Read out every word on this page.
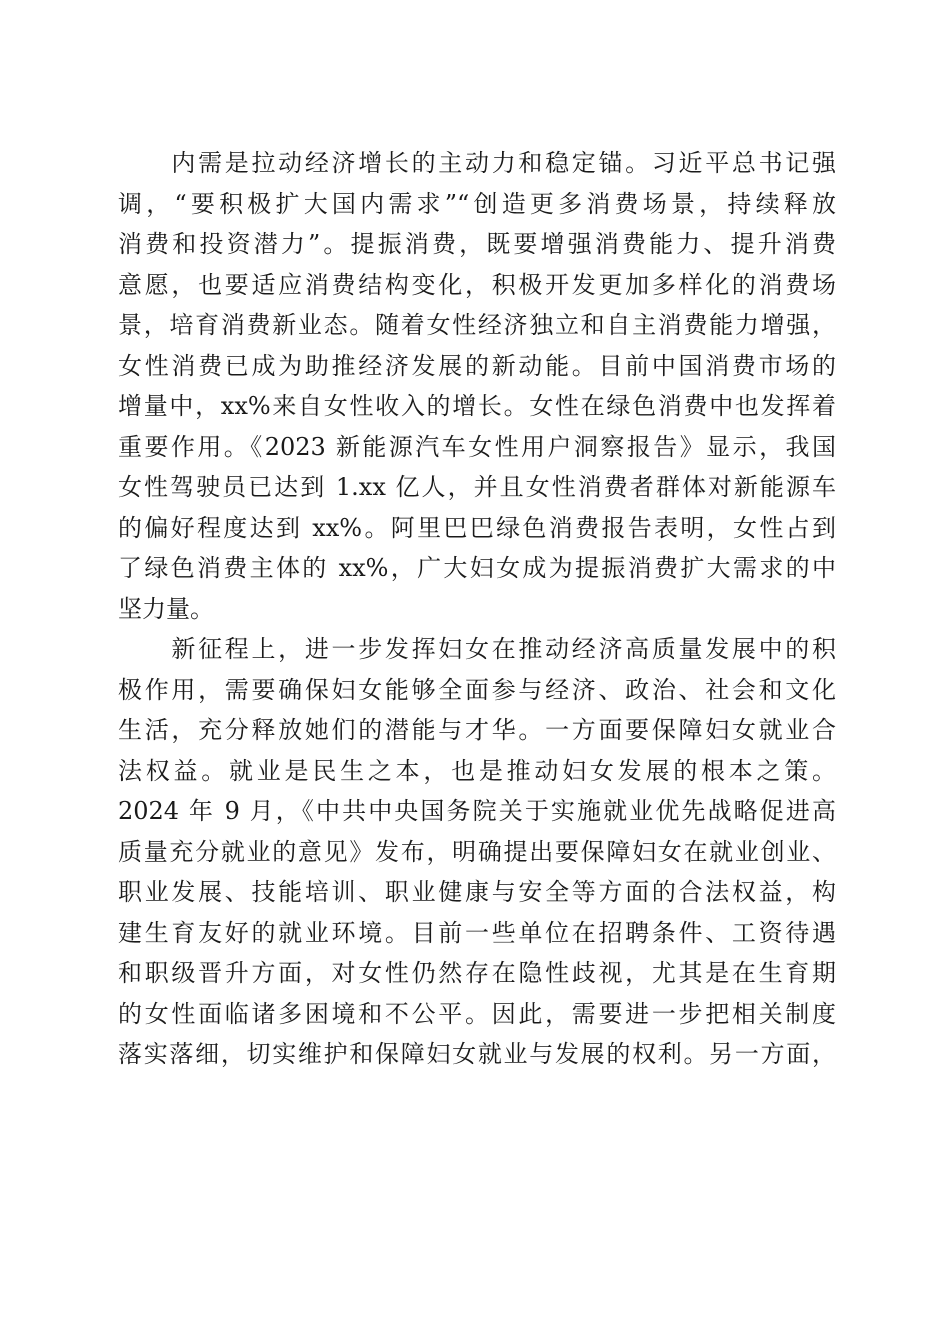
　　内需是拉动经济增长的主动力和稳定锚。习近平总书记强
调，“要积极扩大国内需求”“创造更多消费场景，持续释放
消费和投资潜力”。提振消费，既要增强消费能力、提升消费
意愿，也要适应消费结构变化，积极开发更加多样化的消费场
景，培育消费新业态。随着女性经济独立和自主消费能力增强，
女性消费已成为助推经济发展的新动能。目前中国消费市场的
增量中，xx%来自女性收入的增长。女性在绿色消费中也发挥着
重要作用。《2023 新能源汽车女性用户洞察报告》显示，我国
女性驾驶员已达到 1.xx 亿人，并且女性消费者群体对新能源车
的偏好程度达到 xx%。阿里巴巴绿色消费报告表明，女性占到
了绿色消费主体的 xx%，广大妇女成为提振消费扩大需求的中
坚力量。
　　新征程上，进一步发挥妇女在推动经济高质量发展中的积
极作用，需要确保妇女能够全面参与经济、政治、社会和文化
生活，充分释放她们的潜能与才华。一方面要保障妇女就业合
法权益。就业是民生之本，也是推动妇女发展的根本之策。
2024 年 9 月，《中共中央国务院关于实施就业优先战略促进高
质量充分就业的意见》发布，明确提出要保障妇女在就业创业、
职业发展、技能培训、职业健康与安全等方面的合法权益，构
建生育友好的就业环境。目前一些单位在招聘条件、工资待遇
和职级晋升方面，对女性仍然存在隐性歧视，尤其是在生育期
的女性面临诸多困境和不公平。因此，需要进一步把相关制度
落实落细，切实维护和保障妇女就业与发展的权利。另一方面，
